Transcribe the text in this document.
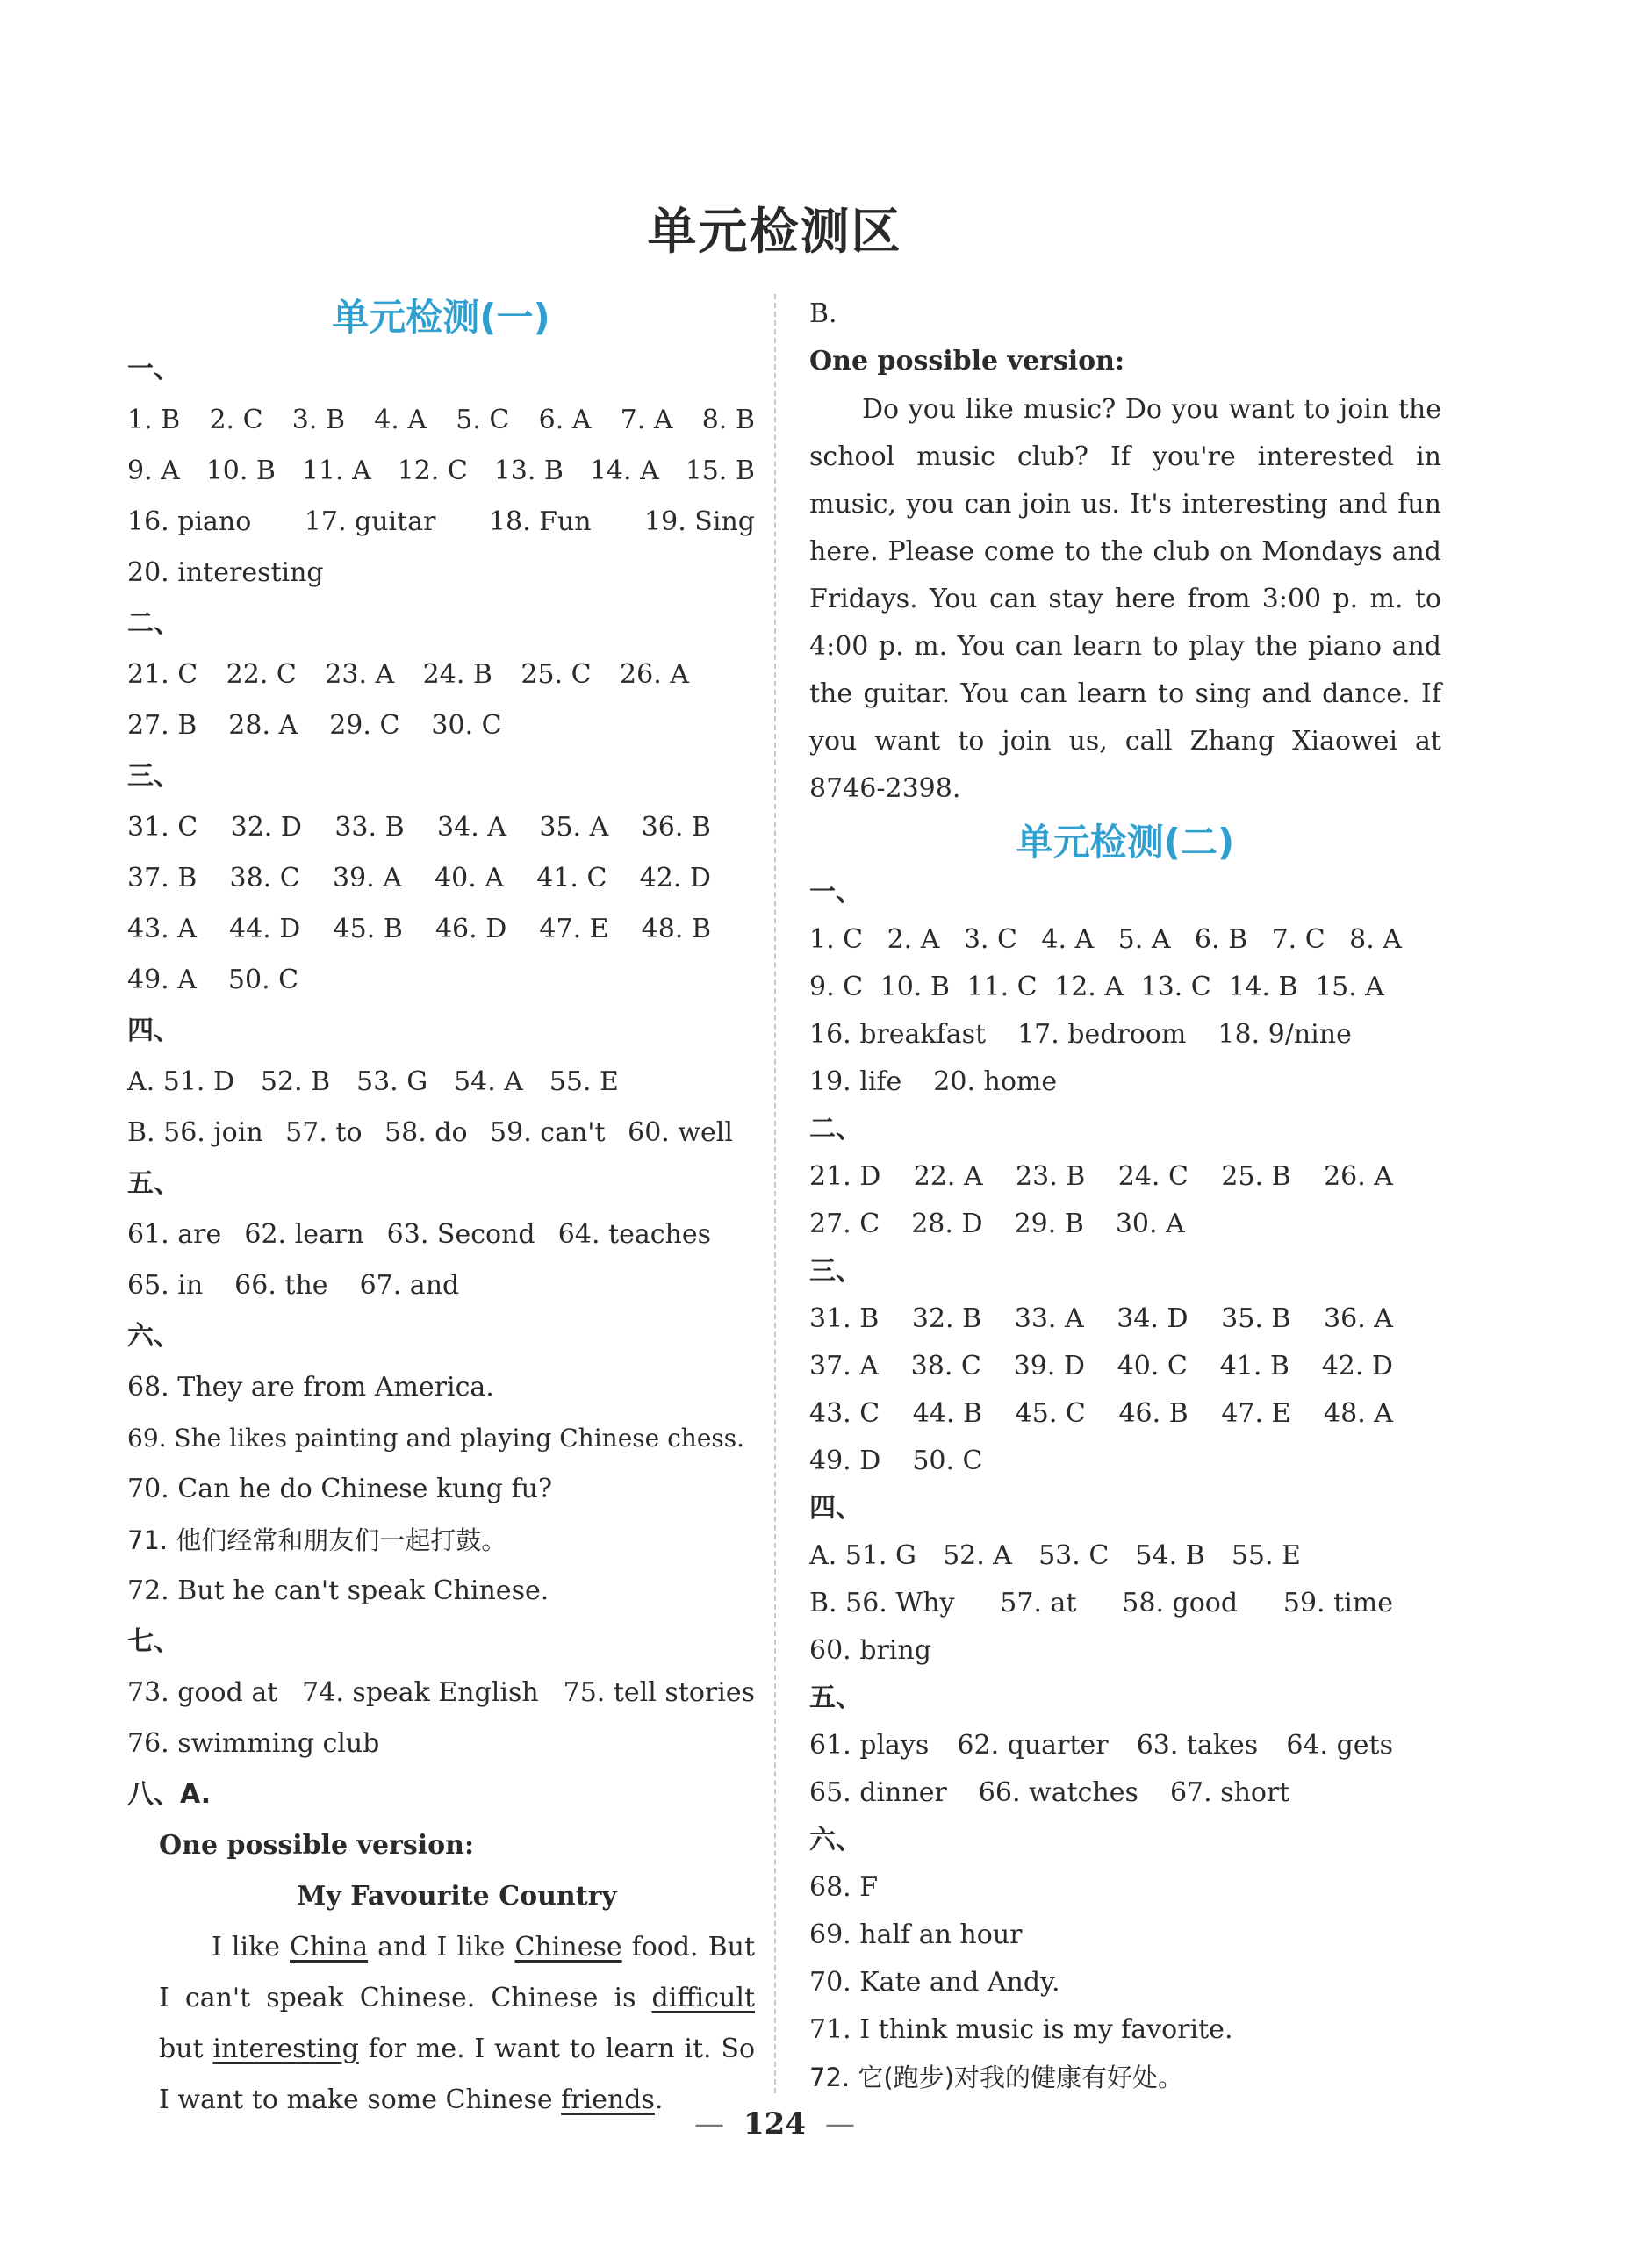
单元检测区
单元检测(一)
一、
1. B 2. C 3. B 4. A 5. C 6. A 7. A 8. B
9. A 10. B 11. A 12. C 13. B 14. A 15. B
16. piano 17. guitar 18. Fun 19. Sing
20. interesting
二、
21. C 22. C 23. A 24. B 25. C 26. A
27. B 28. A 29. C 30. C
三、
31. C 32. D 33. B 34. A 35. A 36. B
37. B 38. C 39. A 40. A 41. C 42. D
43. A 44. D 45. B 46. D 47. E 48. B
49. A 50. C
四、
A. 51. D 52. B 53. G 54. A 55. E
B. 56. join 57. to 58. do 59. can't 60. well
五、
61. are 62. learn 63. Second 64. teaches
65. in 66. the 67. and
六、
68. They are from America.
69. She likes painting and playing Chinese chess.
70. Can he do Chinese kung fu?
71. 他们经常和朋友们一起打鼓。
72. But he can't speak Chinese.
七、
73. good at 74. speak English 75. tell stories
76. swimming club
八、A.
One possible version:
My Favourite Country
I like China and I like Chinese food. But I can't speak Chinese. Chinese is difficult but interesting for me. I want to learn it. So I want to make some Chinese friends.
B.
One possible version:
Do you like music? Do you want to join the school music club? If you're interested in music, you can join us. It's interesting and fun here. Please come to the club on Mondays and Fridays. You can stay here from 3:00 p. m. to 4:00 p. m. You can learn to play the piano and the guitar. You can learn to sing and dance. If you want to join us, call Zhang Xiaowei at 8746-2398.
单元检测(二)
一、
1. C 2. A 3. C 4. A 5. A 6. B 7. C 8. A
9. C 10. B 11. C 12. A 13. C 14. B 15. A
16. breakfast 17. bedroom 18. 9/nine
19. life 20. home
二、
21. D 22. A 23. B 24. C 25. B 26. A
27. C 28. D 29. B 30. A
三、
31. B 32. B 33. A 34. D 35. B 36. A
37. A 38. C 39. D 40. C 41. B 42. D
43. C 44. B 45. C 46. B 47. E 48. A
49. D 50. C
四、
A. 51. G 52. A 53. C 54. B 55. E
B. 56. Why 57. at 58. good 59. time
60. bring
五、
61. plays 62. quarter 63. takes 64. gets
65. dinner 66. watches 67. short
六、
68. F
69. half an hour
70. Kate and Andy.
71. I think music is my favorite.
72. 它(跑步)对我的健康有好处。
— 124 —
